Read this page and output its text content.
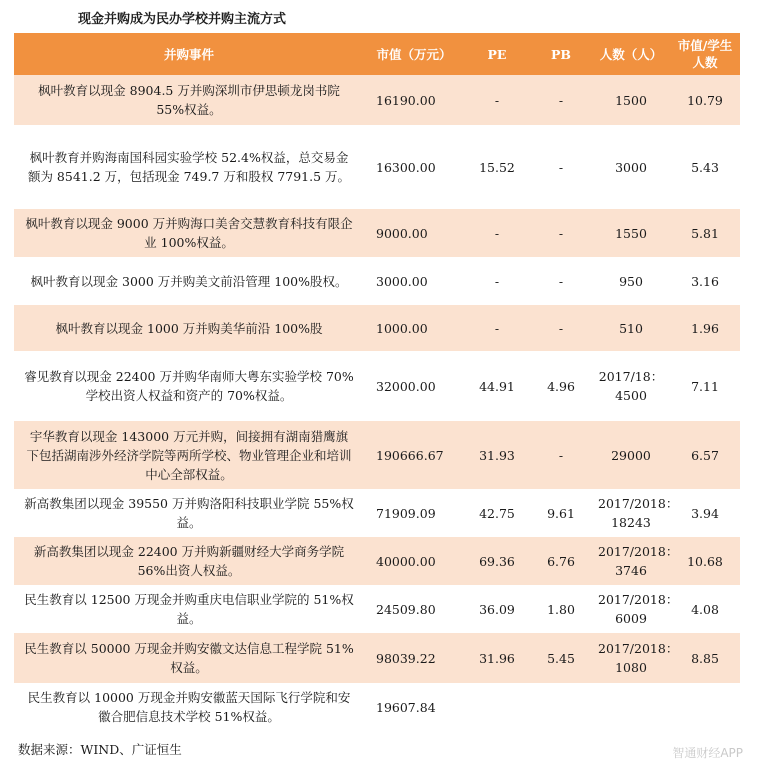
现金并购成为民办学校并购主流方式
并购事件	市值（万元）	PE	PB	人数（人）	市值/学生人数
枫叶教育以现金 8904.5 万并购深圳市伊思顿龙岗书院 55%权益。	16190.00	-	-	1500	10.79
枫叶教育并购海南国科园实验学校 52.4%权益，总交易金额为 8541.2 万，包括现金 749.7 万和股权 7791.5 万。	16300.00	15.52	-	3000	5.43
枫叶教育以现金 9000 万并购海口美舍交慧教育科技有限企业 100%权益。	9000.00	-	-	1550	5.81
枫叶教育以现金 3000 万并购美文前沿管理 100%股权。	3000.00	-	-	950	3.16
枫叶教育以现金 1000 万并购美华前沿 100%股	1000.00	-	-	510	1.96
睿见教育以现金 22400 万并购华南师大粤东实验学校 70%学校出资人权益和资产的 70%权益。	32000.00	44.91	4.96	2017/18：4500	7.11
宇华教育以现金 143000 万元并购，间接拥有湖南猎鹰旗下包括湖南涉外经济学院等两所学校、物业管理企业和培训中心全部权益。	190666.67	31.93	-	29000	6.57
新高教集团以现金 39550 万并购洛阳科技职业学院 55%权益。	71909.09	42.75	9.61	2017/2018：18243	3.94
新高教集团以现金 22400 万并购新疆财经大学商务学院 56%出资人权益。	40000.00	69.36	6.76	2017/2018：3746	10.68
民生教育以 12500 万现金并购重庆电信职业学院的 51%权益。	24509.80	36.09	1.80	2017/2018：6009	4.08
民生教育以 50000 万现金并购安徽文达信息工程学院 51%权益。	98039.22	31.96	5.45	2017/2018：1080	8.85
民生教育以 10000 万现金并购安徽蓝天国际飞行学院和安徽合肥信息技术学校 51%权益。	19607.84				
数据来源：WIND、广证恒生	智通财经APP
